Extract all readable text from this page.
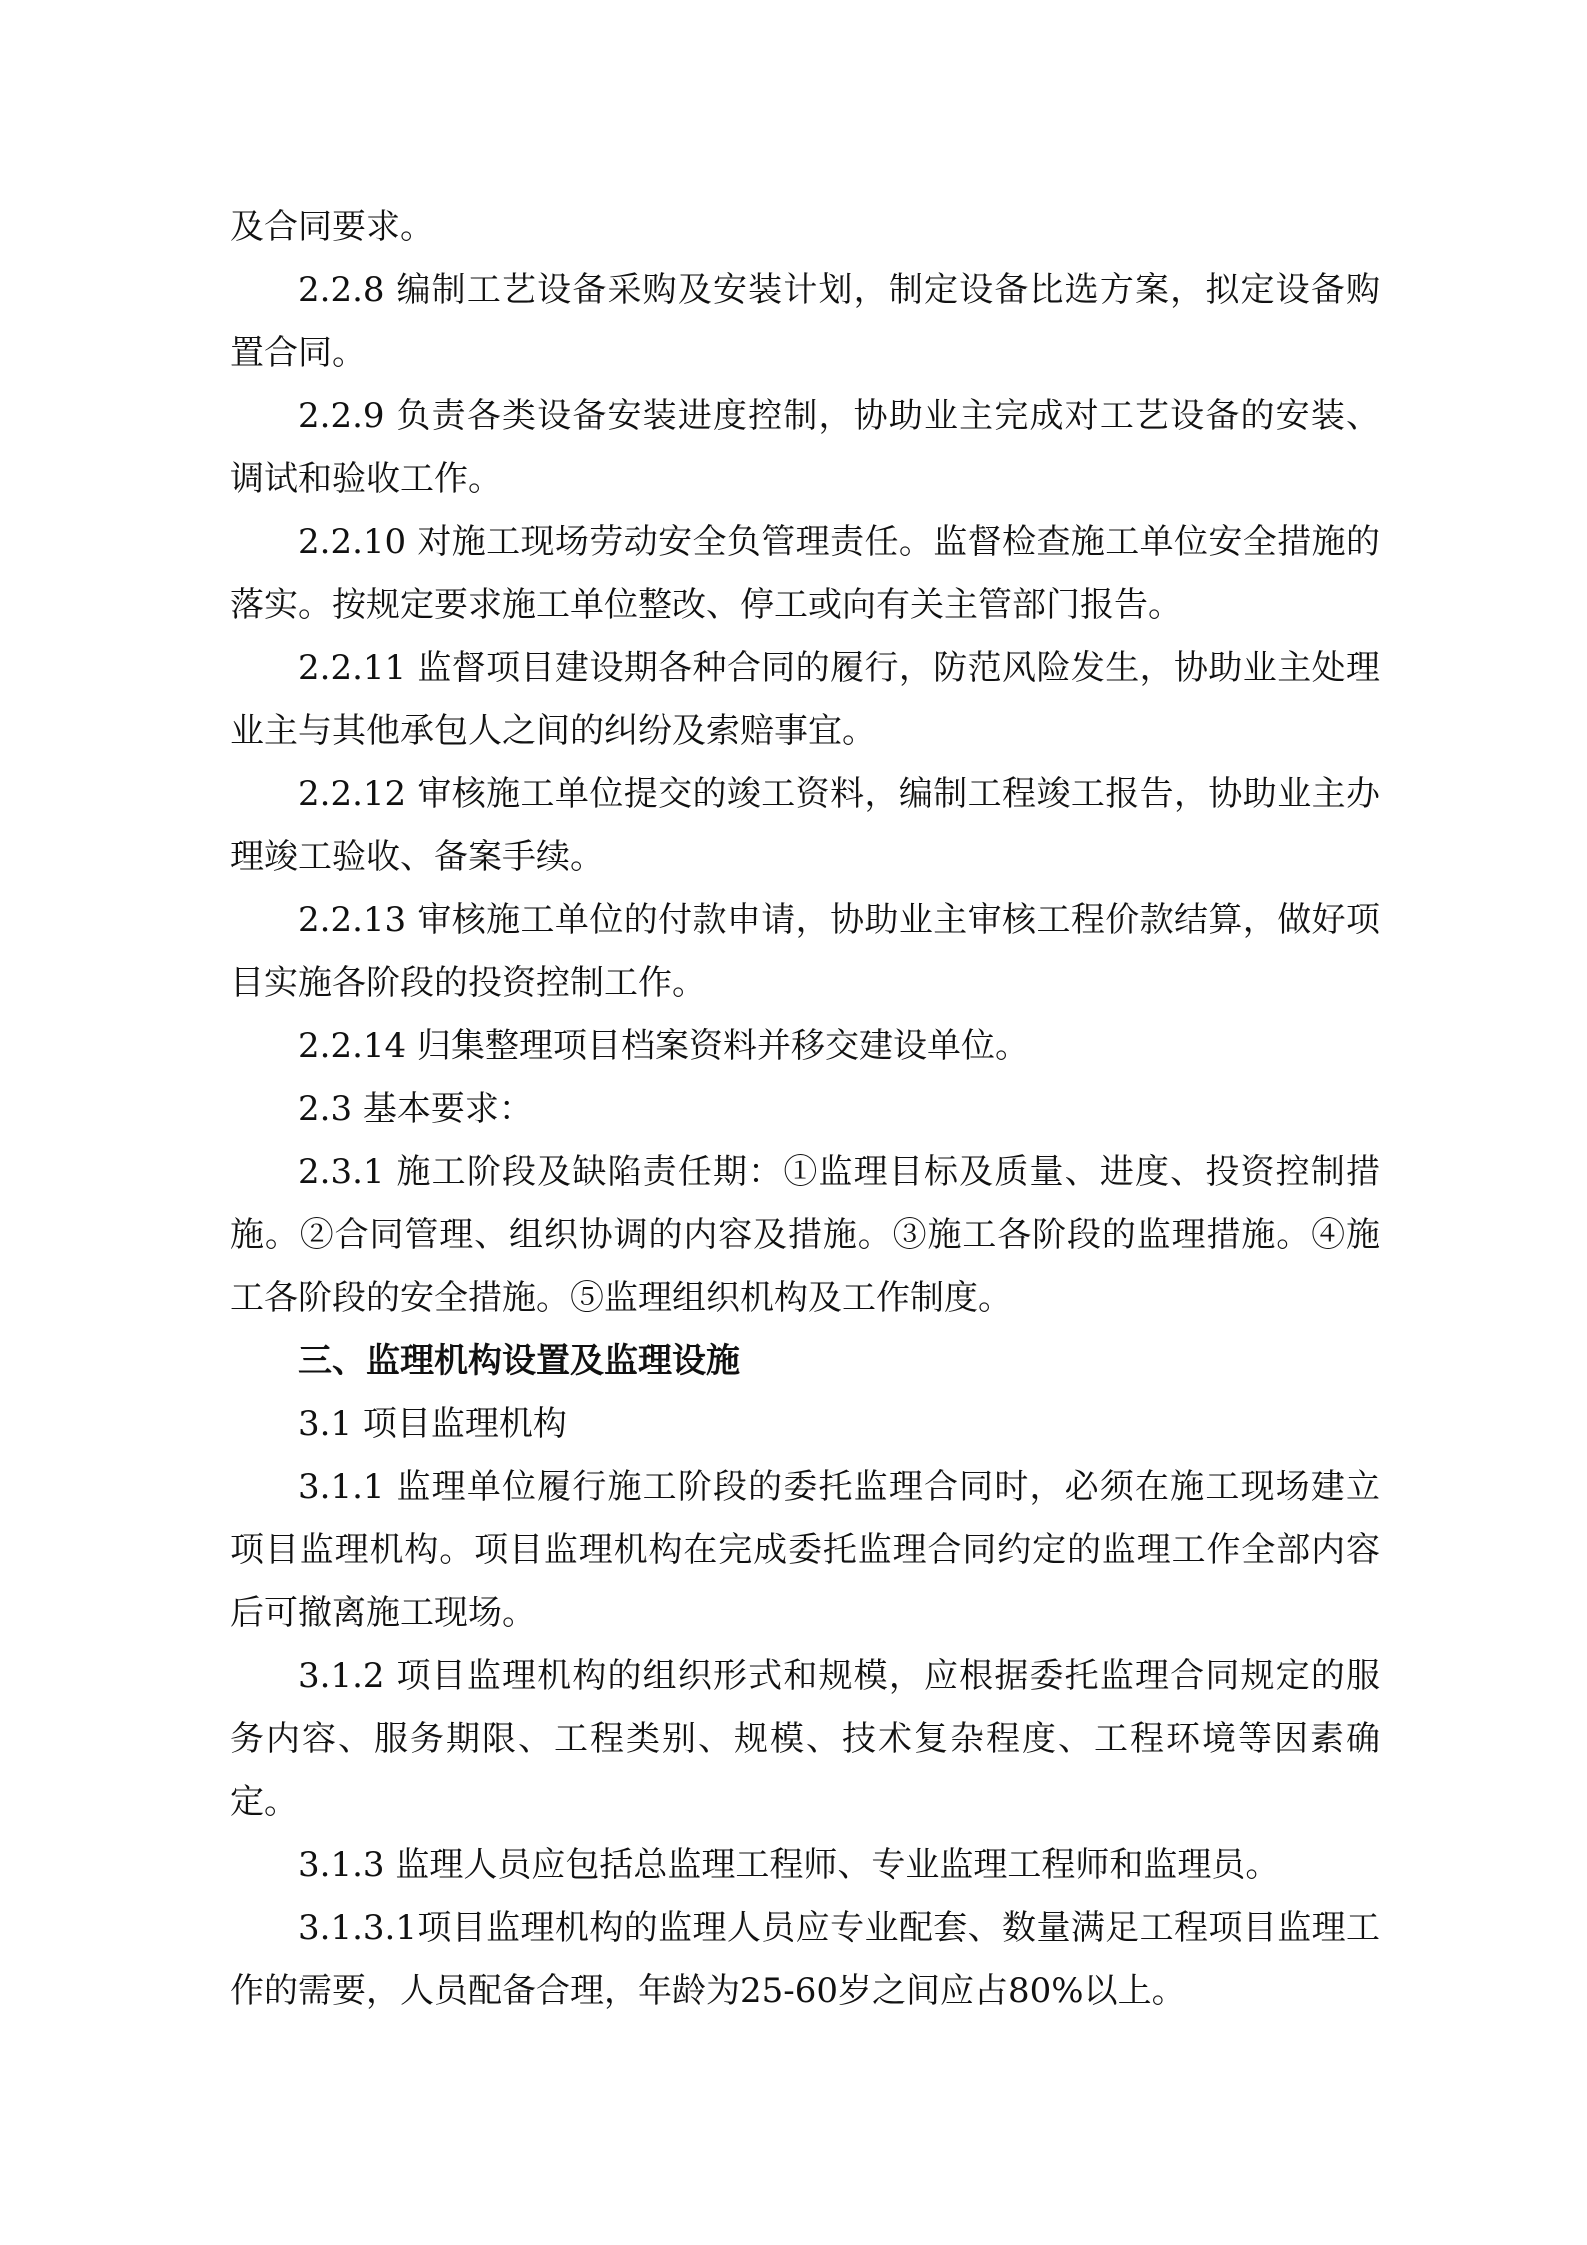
及合同要求。

2.2.8 编制工艺设备采购及安装计划，制定设备比选方案，拟定设备购置合同。

2.2.9 负责各类设备安装进度控制，协助业主完成对工艺设备的安装、调试和验收工作。

2.2.10 对施工现场劳动安全负管理责任。监督检查施工单位安全措施的落实。按规定要求施工单位整改、停工或向有关主管部门报告。

2.2.11 监督项目建设期各种合同的履行，防范风险发生，协助业主处理业主与其他承包人之间的纠纷及索赔事宜。

2.2.12 审核施工单位提交的竣工资料，编制工程竣工报告，协助业主办理竣工验收、备案手续。

2.2.13 审核施工单位的付款申请，协助业主审核工程价款结算，做好项目实施各阶段的投资控制工作。

2.2.14 归集整理项目档案资料并移交建设单位。

2.3 基本要求：

2.3.1 施工阶段及缺陷责任期：①监理目标及质量、进度、投资控制措施。②合同管理、组织协调的内容及措施。③施工各阶段的监理措施。④施工各阶段的安全措施。⑤监理组织机构及工作制度。

三、监理机构设置及监理设施

3.1 项目监理机构

3.1.1 监理单位履行施工阶段的委托监理合同时，必须在施工现场建立项目监理机构。项目监理机构在完成委托监理合同约定的监理工作全部内容后可撤离施工现场。

3.1.2 项目监理机构的组织形式和规模，应根据委托监理合同规定的服务内容、服务期限、工程类别、规模、技术复杂程度、工程环境等因素确定。

3.1.3 监理人员应包括总监理工程师、专业监理工程师和监理员。

3.1.3.1项目监理机构的监理人员应专业配套、数量满足工程项目监理工作的需要，人员配备合理，年龄为25-60岁之间应占80%以上。
